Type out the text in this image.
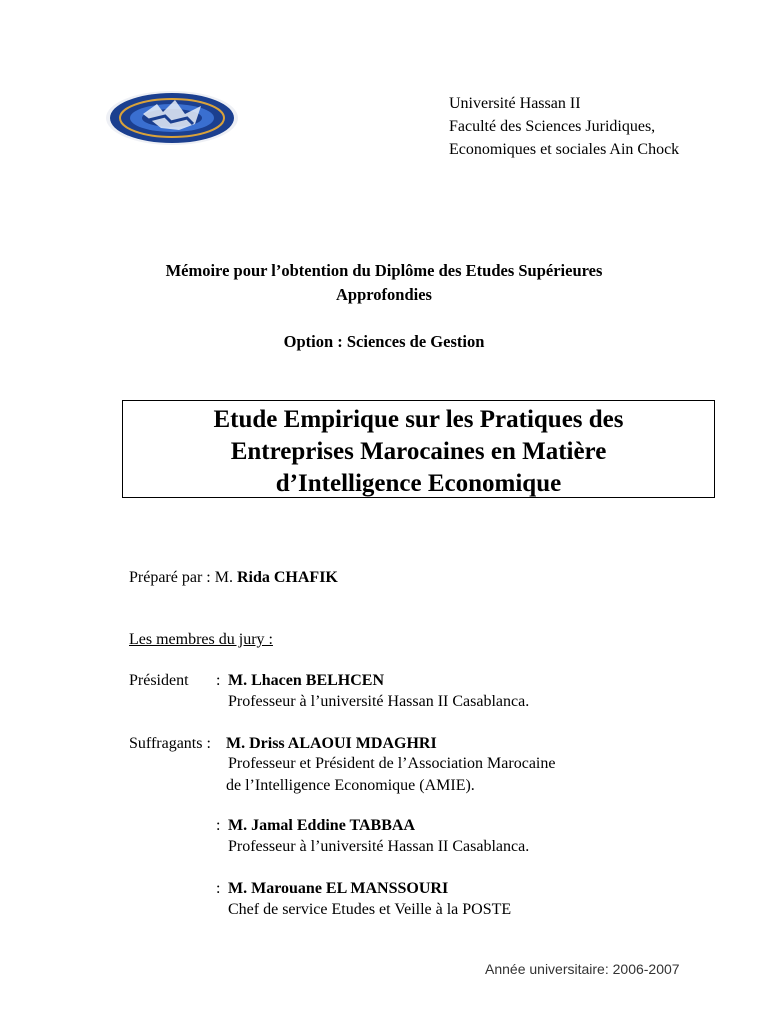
Université Hassan II
Faculté des Sciences Juridiques,
Economiques et sociales Ain Chock
Mémoire pour l’obtention du Diplôme des Etudes Supérieures
Approfondies
Option : Sciences de Gestion
Etude Empirique sur les Pratiques des
Entreprises Marocaines en Matière
d’Intelligence Economique
Préparé par : M. Rida CHAFIK
Les membres du jury :
Président : M. Lhacen BELHCEN
Professeur à l’université Hassan II Casablanca.
Suffragants : M. Driss ALAOUI MDAGHRI
Professeur et Président de l’Association Marocaine
de l’Intelligence Economique (AMIE).
: M. Jamal Eddine TABBAA
Professeur à l’université Hassan II Casablanca.
: M. Marouane EL MANSSOURI
Chef de service Etudes et Veille à la POSTE
Année universitaire: 2006-2007
